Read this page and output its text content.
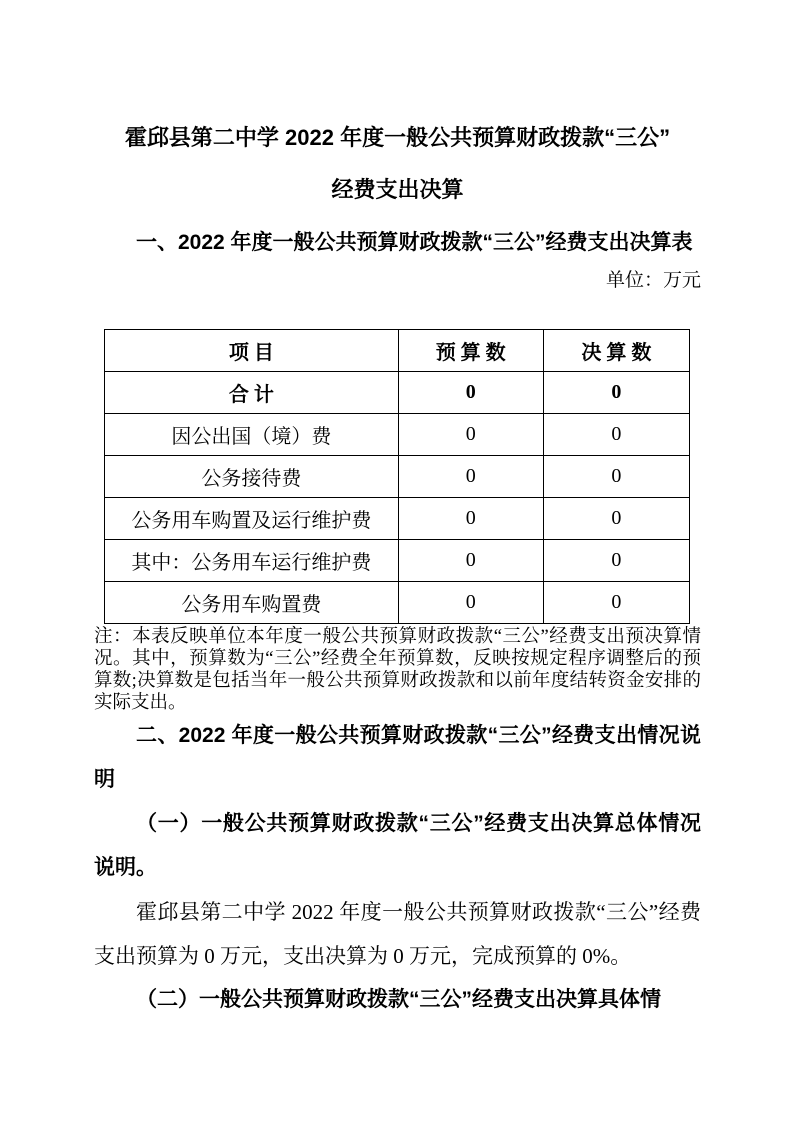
霍邱县第二中学 2022 年度一般公共预算财政拨款“三公”
经费支出决算

一、2022 年度一般公共预算财政拨款“三公”经费支出决算表

单位：万元

项 目	预 算 数	决 算 数
合 计	0	0
因公出国（境）费	0	0
公务接待费	0	0
公务用车购置及运行维护费	0	0
其中：公务用车运行维护费	0	0
公务用车购置费	0	0

注：本表反映单位本年度一般公共预算财政拨款“三公”经费支出预决算情况。其中，预算数为“三公”经费全年预算数，反映按规定程序调整后的预算数;决算数是包括当年一般公共预算财政拨款和以前年度结转资金安排的实际支出。

二、2022 年度一般公共预算财政拨款“三公”经费支出情况说明

（一）一般公共预算财政拨款“三公”经费支出决算总体情况说明。

霍邱县第二中学 2022 年度一般公共预算财政拨款“三公”经费支出预算为 0 万元，支出决算为 0 万元，完成预算的 0%。

（二）一般公共预算财政拨款“三公”经费支出决算具体情
